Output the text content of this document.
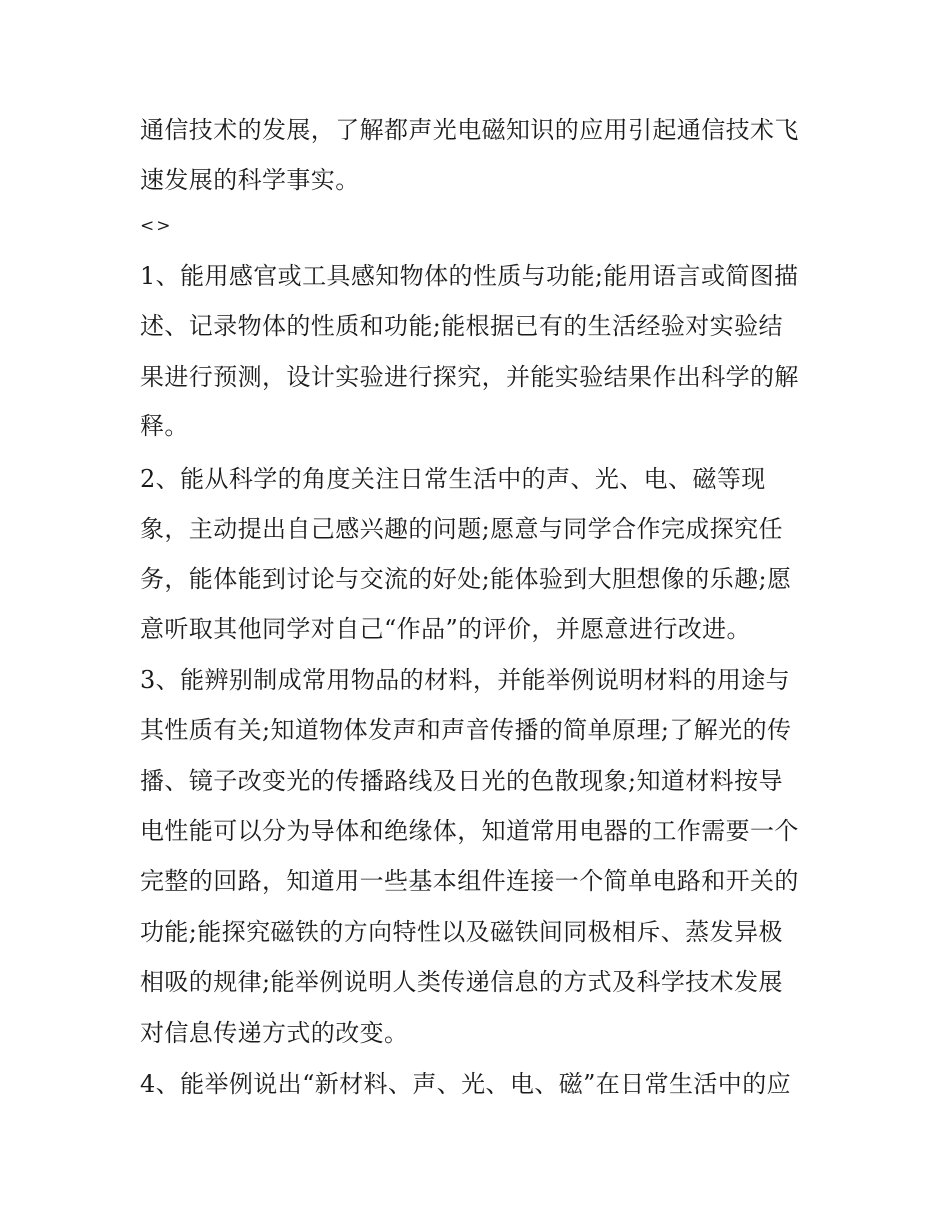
通信技术的发展，了解都声光电磁知识的应用引起通信技术飞
速发展的科学事实。
<>
1、能用感官或工具感知物体的性质与功能;能用语言或简图描
述、记录物体的性质和功能;能根据已有的生活经验对实验结
果进行预测，设计实验进行探究，并能实验结果作出科学的解
释。
2、能从科学的角度关注日常生活中的声、光、电、磁等现
象，主动提出自己感兴趣的问题;愿意与同学合作完成探究任
务，能体能到讨论与交流的好处;能体验到大胆想像的乐趣;愿
意听取其他同学对自己“作品”的评价，并愿意进行改进。
3、能辨别制成常用物品的材料，并能举例说明材料的用途与
其性质有关;知道物体发声和声音传播的简单原理;了解光的传
播、镜子改变光的传播路线及日光的色散现象;知道材料按导
电性能可以分为导体和绝缘体，知道常用电器的工作需要一个
完整的回路，知道用一些基本组件连接一个简单电路和开关的
功能;能探究磁铁的方向特性以及磁铁间同极相斥、蒸发异极
相吸的规律;能举例说明人类传递信息的方式及科学技术发展
对信息传递方式的改变。
4、能举例说出“新材料、声、光、电、磁”在日常生活中的应
